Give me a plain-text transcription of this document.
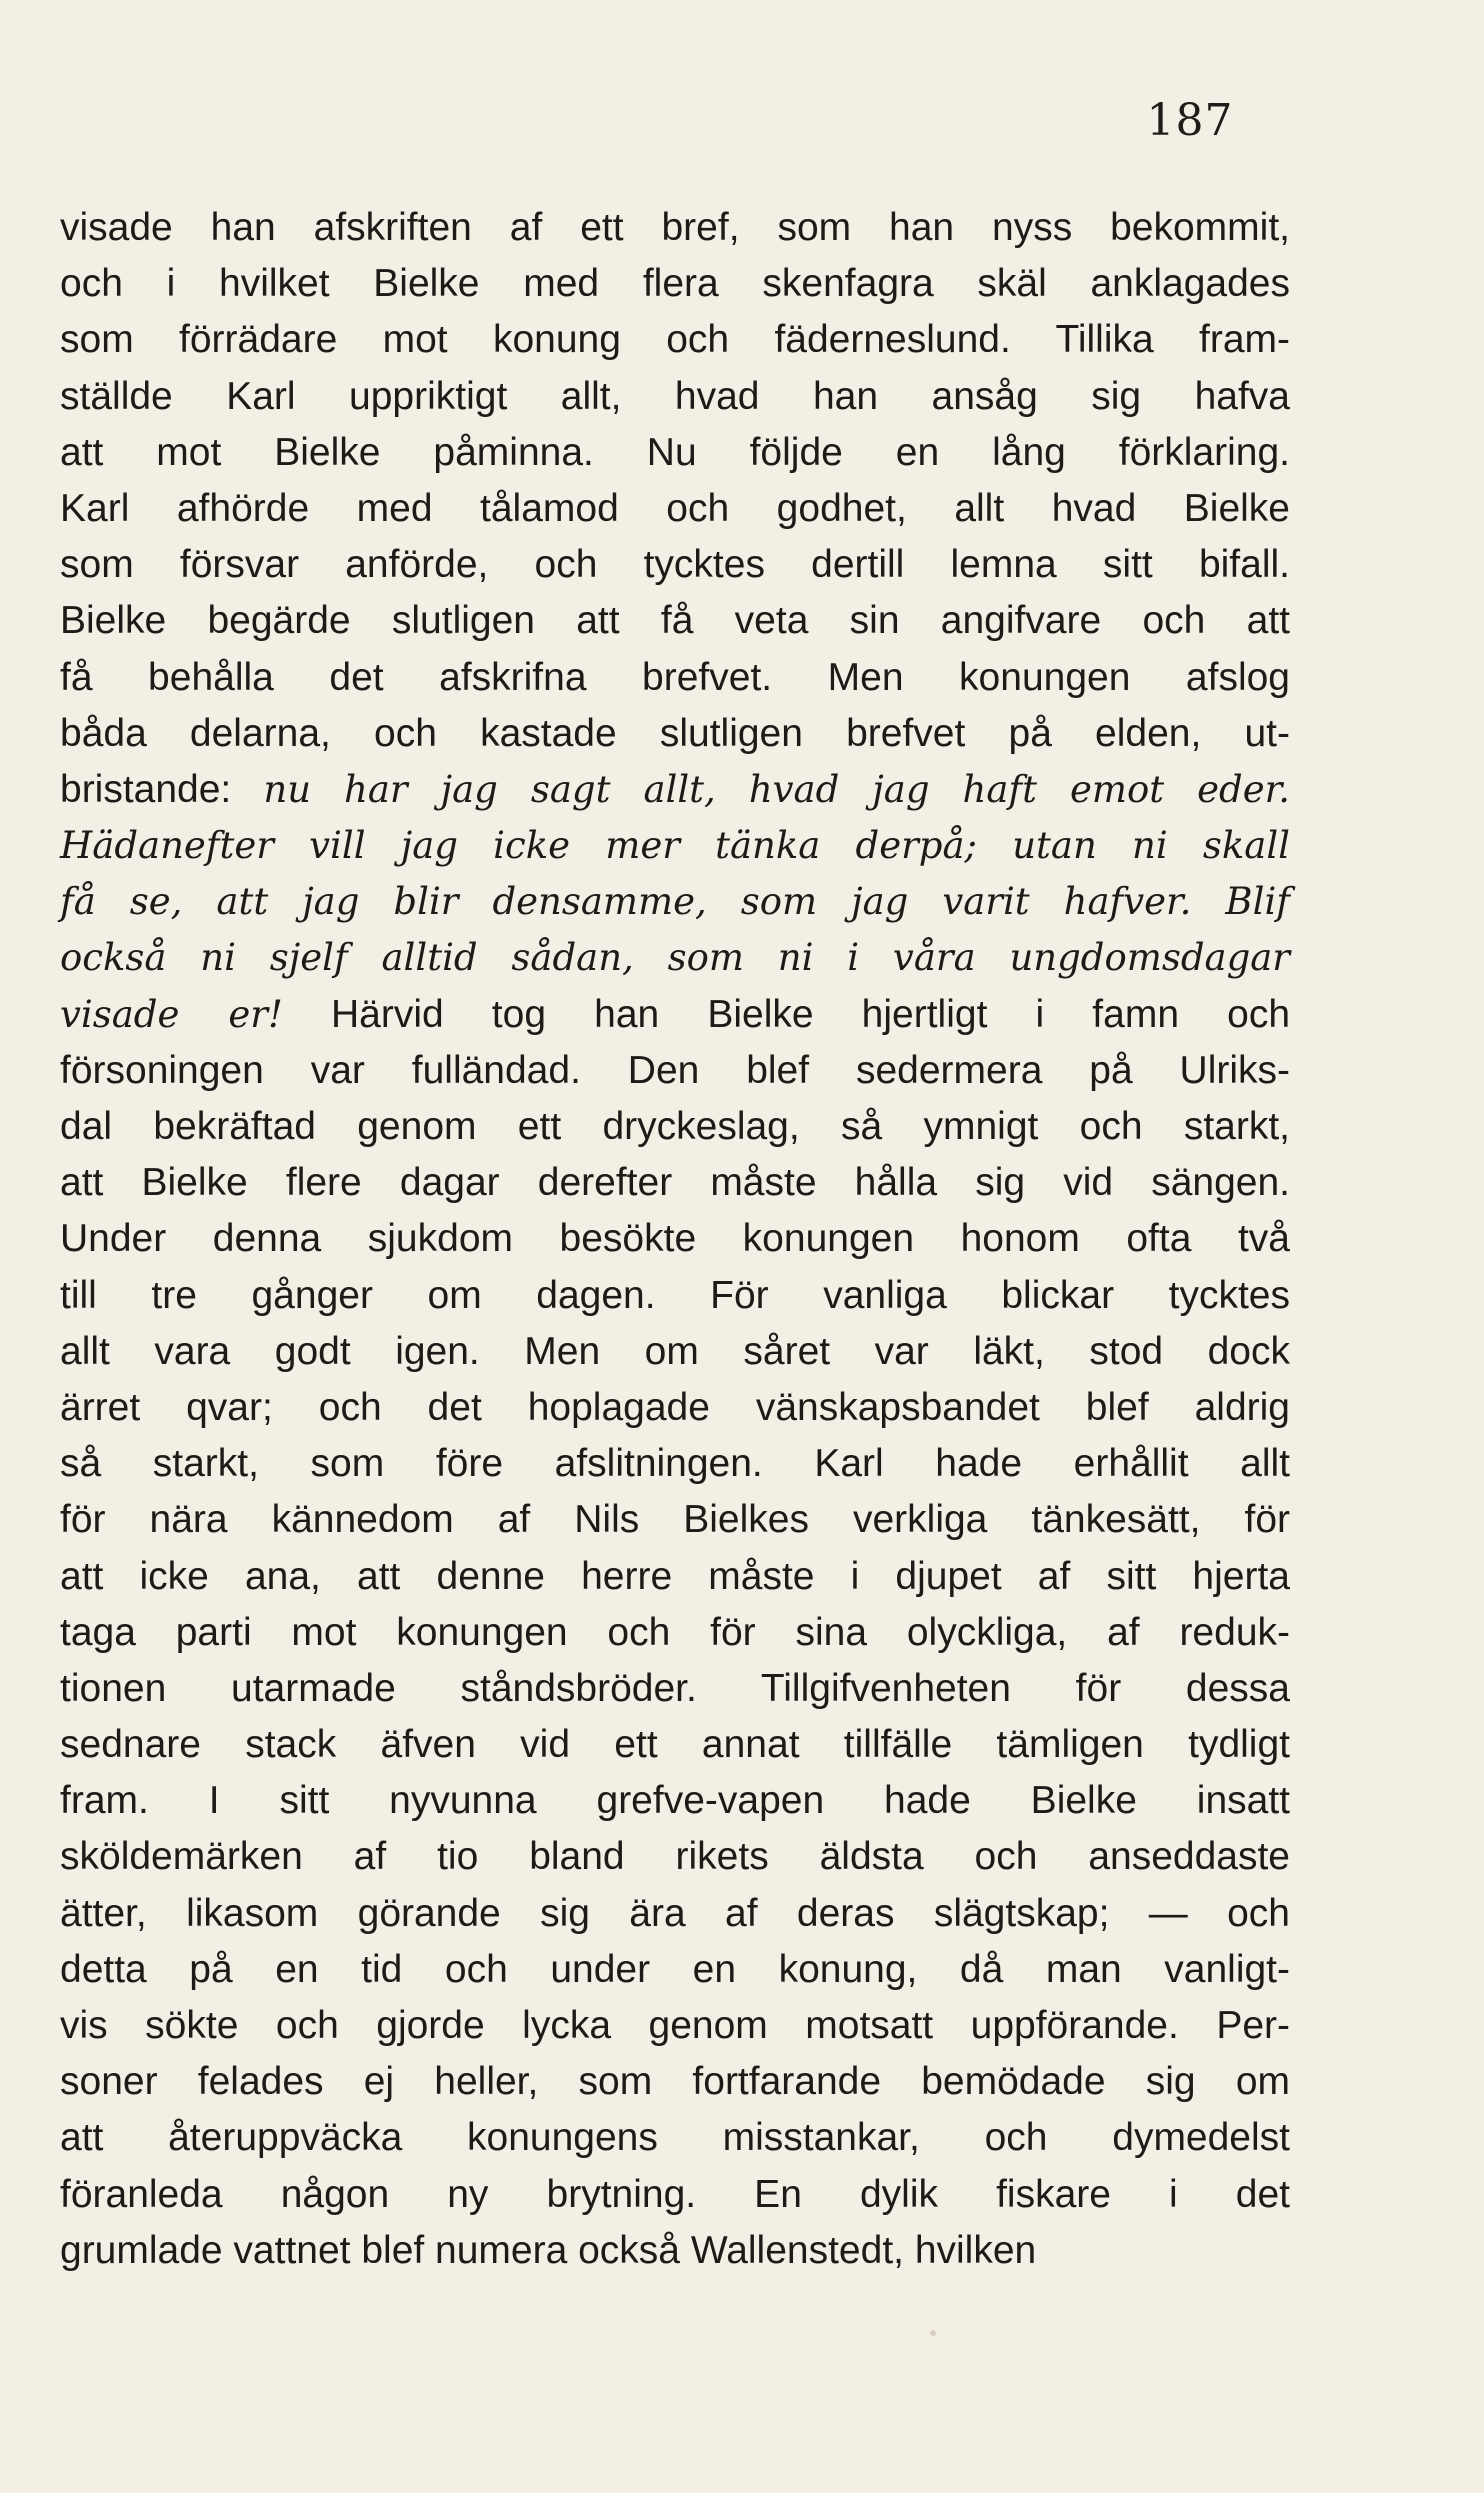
187
visade han afskriften af ett bref, som han nyss bekommit,
och i hvilket Bielke med flera skenfagra skäl anklagades
som förrädare mot konung och fäderneslund. Tillika fram-
ställde Karl uppriktigt allt, hvad han ansåg sig hafva
att mot Bielke påminna. Nu följde en lång förklaring.
Karl afhörde med tålamod och godhet, allt hvad Bielke
som försvar anförde, och tycktes dertill lemna sitt bifall.
Bielke begärde slutligen att få veta sin angifvare och att
få behålla det afskrifna brefvet. Men konungen afslog
båda delarna, och kastade slutligen brefvet på elden, ut-
bristande: nu har jag sagt allt, hvad jag haft emot eder.
Hädanefter vill jag icke mer tänka derpå; utan ni skall
få se, att jag blir densamme, som jag varit hafver. Blif
också ni sjelf alltid sådan, som ni i våra ungdomsdagar
visade er! Härvid tog han Bielke hjertligt i famn och
försoningen var fulländad. Den blef sedermera på Ulriks-
dal bekräftad genom ett dryckeslag, så ymnigt och starkt,
att Bielke flere dagar derefter måste hålla sig vid sängen.
Under denna sjukdom besökte konungen honom ofta två
till tre gånger om dagen. För vanliga blickar tycktes
allt vara godt igen. Men om såret var läkt, stod dock
ärret qvar; och det hoplagade vänskapsbandet blef aldrig
så starkt, som före afslitningen. Karl hade erhållit allt
för nära kännedom af Nils Bielkes verkliga tänkesätt, för
att icke ana, att denne herre måste i djupet af sitt hjerta
taga parti mot konungen och för sina olyckliga, af reduk-
tionen utarmade ståndsbröder. Tillgifvenheten för dessa
sednare stack äfven vid ett annat tillfälle tämligen tydligt
fram. I sitt nyvunna grefve-vapen hade Bielke insatt
sköldemärken af tio bland rikets äldsta och anseddaste
ätter, likasom görande sig ära af deras slägtskap; — och
detta på en tid och under en konung, då man vanligt-
vis sökte och gjorde lycka genom motsatt uppförande. Per-
soner felades ej heller, som fortfarande bemödade sig om
att återuppväcka konungens misstankar, och dymedelst
föranleda någon ny brytning. En dylik fiskare i det
grumlade vattnet blef numera också Wallenstedt, hvilken
